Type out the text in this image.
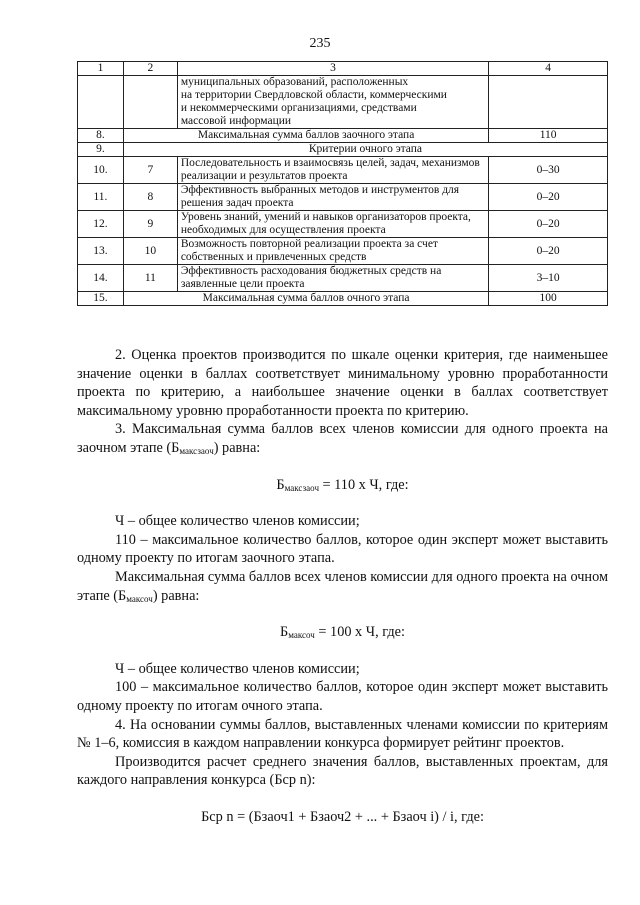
235
1	2	3	4

		муниципальных образований, расположенных
на территории Свердловской области, коммерческими
и некоммерческими организациями, средствами
массовой информации	

8.	Максимальная сумма баллов заочного этапа		110
9.	Критерии очного этапа		
10.	7	Последовательность и взаимосвязь целей, задач, механизмов реализации и результатов проекта	0–30
11.	8	Эффективность выбранных методов и инструментов для решения задач проекта	0–20
12.	9	Уровень знаний, умений и навыков организаторов проекта, необходимых для осуществления проекта	0–20
13.	10	Возможность повторной реализации проекта за счет собственных и привлеченных средств	0–20
14.	11	Эффективность расходования бюджетных средств на заявленные цели проекта	3–10
15.	Максимальная сумма баллов очного этапа		100

2. Оценка проектов производится по шкале оценки критерия, где наименьшее значение оценки в баллах соответствует минимальному уровню проработанности проекта по критерию, а наибольшее значение оценки в баллах соответствует максимальному уровню проработанности проекта по критерию.

3. Максимальная сумма баллов всех членов комиссии для одного проекта на заочном этапе $(Б_{максзаоч})$ равна:

$Б_{максзаоч} = 110$ х Ч, где:

Ч – общее количество членов комиссии;

110 – максимальное количество баллов, которое один эксперт может выставить одному проекту по итогам заочного этапа.

Максимальная сумма баллов всех членов комиссии для одного проекта на очном этапе $(Б_{максоч})$ равна:

$Б_{максоч} = 100$ х Ч, где:

Ч – общее количество членов комиссии;

100 – максимальное количество баллов, которое один эксперт может выставить одному проекту по итогам очного этапа.

4. На основании суммы баллов, выставленных членами комиссии по критериям № 1–6, комиссия в каждом направлении конкурса формирует рейтинг проектов.

Производится расчет среднего значения баллов, выставленных проектам, для каждого направления конкурса (Бср n):

Бср n = (Бзаоч1 + Бзаоч2 + ... + Бзаоч i) / i, где:
